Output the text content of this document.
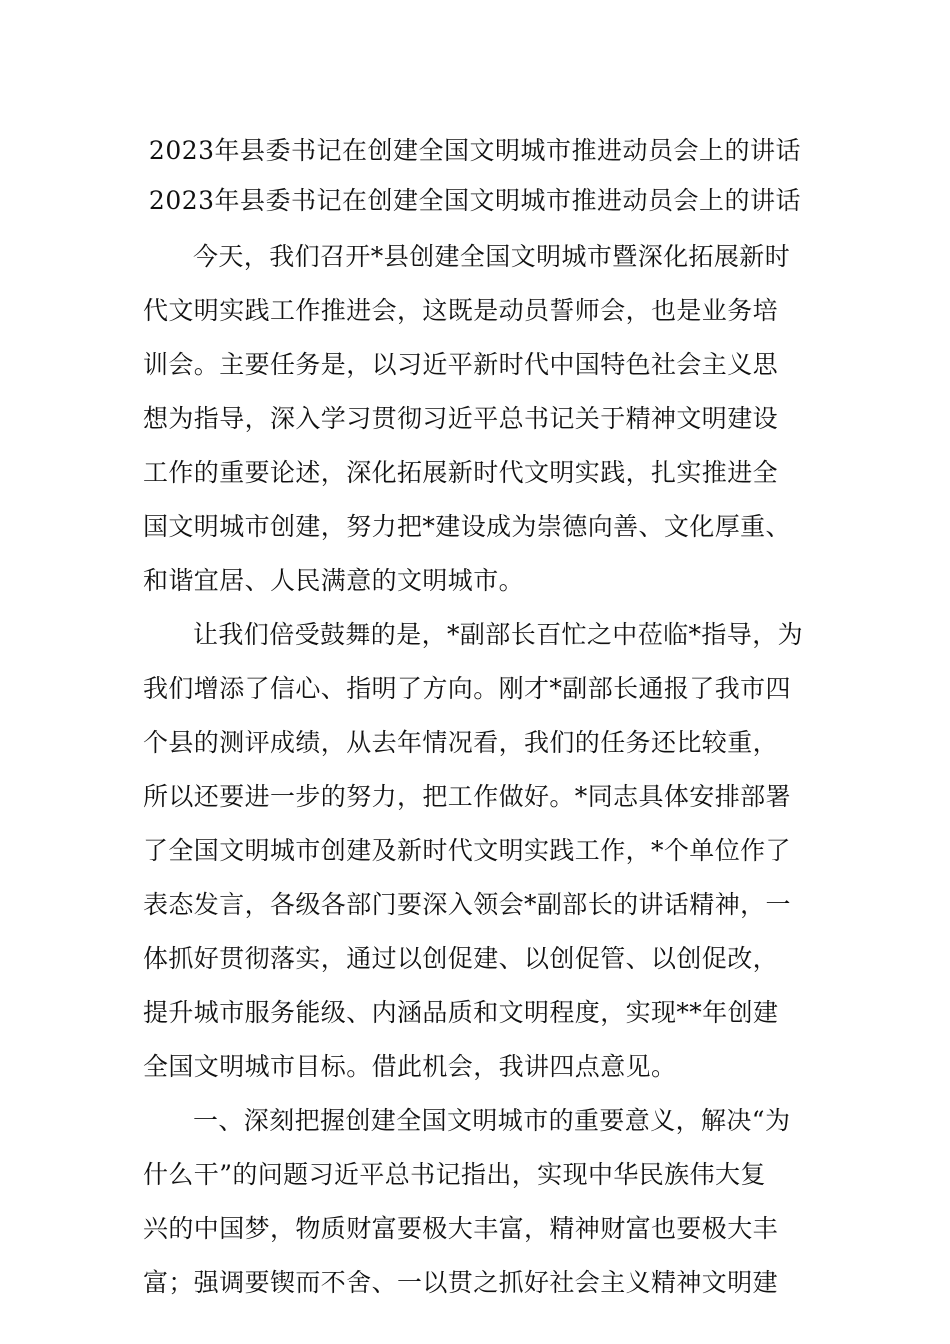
2023年县委书记在创建全国文明城市推进动员会上的讲话
2023年县委书记在创建全国文明城市推进动员会上的讲话
今天，我们召开*县创建全国文明城市暨深化拓展新时
代文明实践工作推进会，这既是动员誓师会，也是业务培
训会。主要任务是，以习近平新时代中国特色社会主义思
想为指导，深入学习贯彻习近平总书记关于精神文明建设
工作的重要论述，深化拓展新时代文明实践，扎实推进全
国文明城市创建，努力把*建设成为崇德向善、文化厚重、
和谐宜居、人民满意的文明城市。
让我们倍受鼓舞的是，*副部长百忙之中莅临*指导，为
我们增添了信心、指明了方向。刚才*副部长通报了我市四
个县的测评成绩，从去年情况看，我们的任务还比较重，
所以还要进一步的努力，把工作做好。*同志具体安排部署
了全国文明城市创建及新时代文明实践工作，*个单位作了
表态发言，各级各部门要深入领会*副部长的讲话精神，一
体抓好贯彻落实，通过以创促建、以创促管、以创促改，
提升城市服务能级、内涵品质和文明程度，实现**年创建
全国文明城市目标。借此机会，我讲四点意见。
一、深刻把握创建全国文明城市的重要意义，解决“为
什么干”的问题习近平总书记指出，实现中华民族伟大复
兴的中国梦，物质财富要极大丰富，精神财富也要极大丰
富；强调要锲而不舍、一以贯之抓好社会主义精神文明建
